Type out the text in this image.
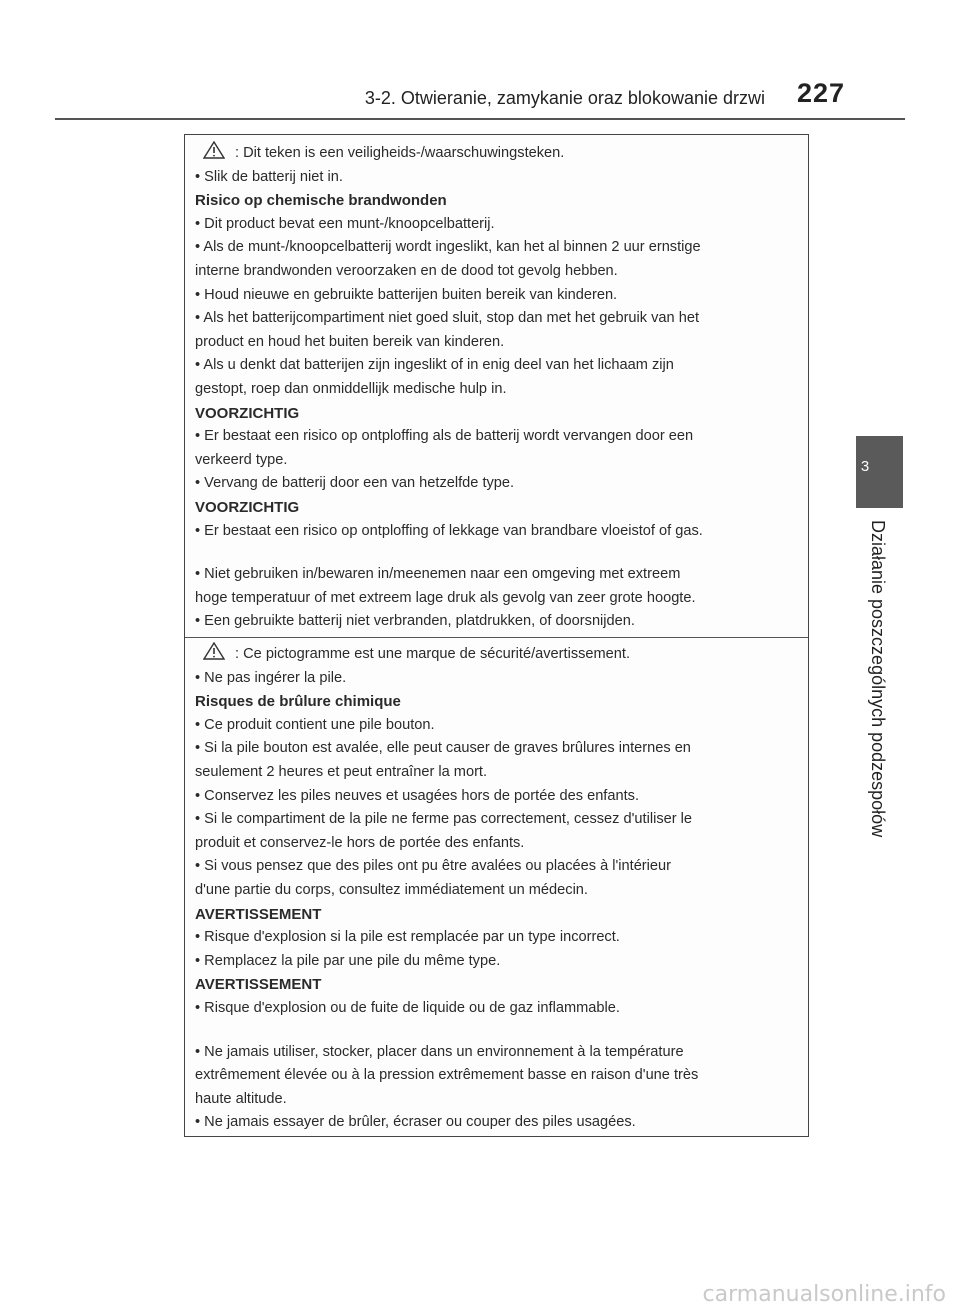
3-2. Otwieranie, zamykanie oraz blokowanie drzwi 227
3
Działanie poszczególnych podzespołów
: Dit teken is een veiligheids-/waarschuwingsteken.
• Slik de batterij niet in.
Risico op chemische brandwonden
• Dit product bevat een munt-/knoopcelbatterij.
• Als de munt-/knoopcelbatterij wordt ingeslikt, kan het al binnen 2 uur ernstige
interne brandwonden veroorzaken en de dood tot gevolg hebben.
• Houd nieuwe en gebruikte batterijen buiten bereik van kinderen.
• Als het batterijcompartiment niet goed sluit, stop dan met het gebruik van het
product en houd het buiten bereik van kinderen.
• Als u denkt dat batterijen zijn ingeslikt of in enig deel van het lichaam zijn
gestopt, roep dan onmiddellijk medische hulp in.
VOORZICHTIG
• Er bestaat een risico op ontploffing als de batterij wordt vervangen door een
verkeerd type.
• Vervang de batterij door een van hetzelfde type.
VOORZICHTIG
• Er bestaat een risico op ontploffing of lekkage van brandbare vloeistof of gas.
• Niet gebruiken in/bewaren in/meenemen naar een omgeving met extreem
hoge temperatuur of met extreem lage druk als gevolg van zeer grote hoogte.
• Een gebruikte batterij niet verbranden, platdrukken, of doorsnijden.
: Ce pictogramme est une marque de sécurité/avertissement.
• Ne pas ingérer la pile.
Risques de brûlure chimique
• Ce produit contient une pile bouton.
• Si la pile bouton est avalée, elle peut causer de graves brûlures internes en
seulement 2 heures et peut entraîner la mort.
• Conservez les piles neuves et usagées hors de portée des enfants.
• Si le compartiment de la pile ne ferme pas correctement, cessez d'utiliser le
produit et conservez-le hors de portée des enfants.
• Si vous pensez que des piles ont pu être avalées ou placées à l'intérieur
d'une partie du corps, consultez immédiatement un médecin.
AVERTISSEMENT
• Risque d'explosion si la pile est remplacée par un type incorrect.
• Remplacez la pile par une pile du même type.
AVERTISSEMENT
• Risque d'explosion ou de fuite de liquide ou de gaz inflammable.
• Ne jamais utiliser, stocker, placer dans un environnement à la température
extrêmement élevée ou à la pression extrêmement basse en raison d'une très
haute altitude.
• Ne jamais essayer de brûler, écraser ou couper des piles usagées.
carmanualsonline.info
